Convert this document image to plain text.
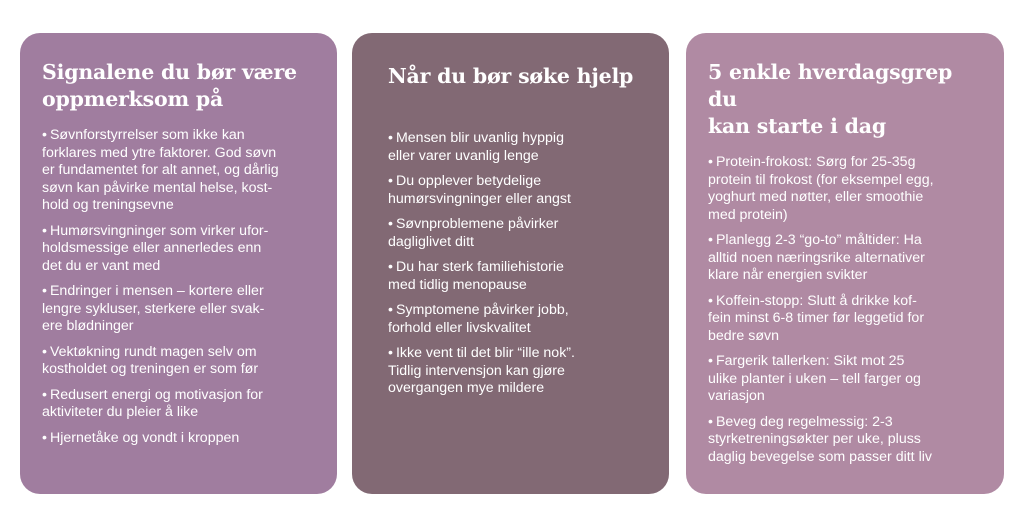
Signalene du bør være
oppmerksom på
• Søvnforstyrrelser som ikke kan
forklares med ytre faktorer. God søvn
er fundamentet for alt annet, og dårlig
søvn kan påvirke mental helse, kost-
hold og treningsevne
• Humørsvingninger som virker ufor-
holdsmessige eller annerledes enn
det du er vant med
• Endringer i mensen – kortere eller
lengre sykluser, sterkere eller svak-
ere blødninger
• Vektøkning rundt magen selv om
kostholdet og treningen er som før
• Redusert energi og motivasjon for
aktiviteter du pleier å like
• Hjernetåke og vondt i kroppen
Når du bør søke hjelp
• Mensen blir uvanlig hyppig
eller varer uvanlig lenge
• Du opplever betydelige
humørsvingninger eller angst
• Søvnproblemene påvirker
dagliglivet ditt
• Du har sterk familiehistorie
med tidlig menopause
• Symptomene påvirker jobb,
forhold eller livskvalitet
• Ikke vent til det blir “ille nok”.
Tidlig intervensjon kan gjøre
overgangen mye mildere
5 enkle hverdagsgrep du
kan starte i dag
• Protein-frokost: Sørg for 25-35g
protein til frokost (for eksempel egg,
yoghurt med nøtter, eller smoothie
med protein)
• Planlegg 2-3 “go-to” måltider: Ha
alltid noen næringsrike alternativer
klare når energien svikter
• Koffein-stopp: Slutt å drikke kof-
fein minst 6-8 timer før leggetid for
bedre søvn
• Fargerik tallerken: Sikt mot 25
ulike planter i uken – tell farger og
variasjon
• Beveg deg regelmessig: 2-3
styrketreningsøkter per uke, pluss
daglig bevegelse som passer ditt liv
